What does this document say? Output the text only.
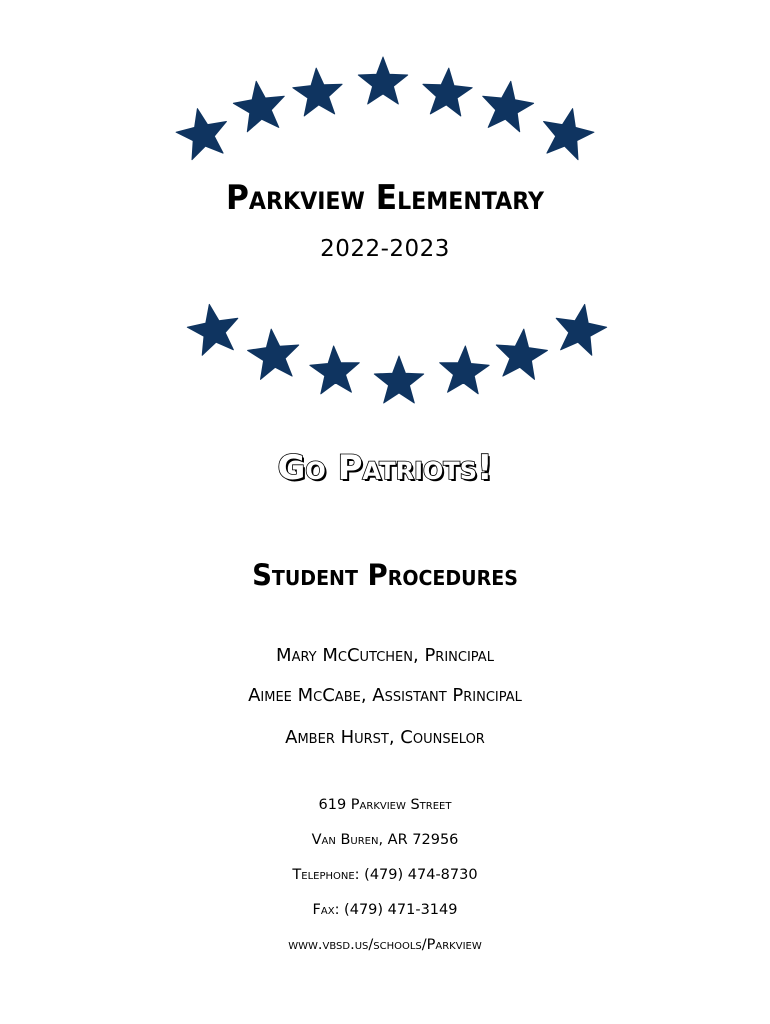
Parkview Elementary
2022-2023
Go Patriots!
Student Procedures
Mary McCutchen, Principal
Aimee McCabe, Assistant Principal
Amber Hurst, Counselor
619 Parkview Street
Van Buren, AR 72956
Telephone: (479) 474-8730
Fax: (479) 471-3149
www.vbsd.us/schools/Parkview
